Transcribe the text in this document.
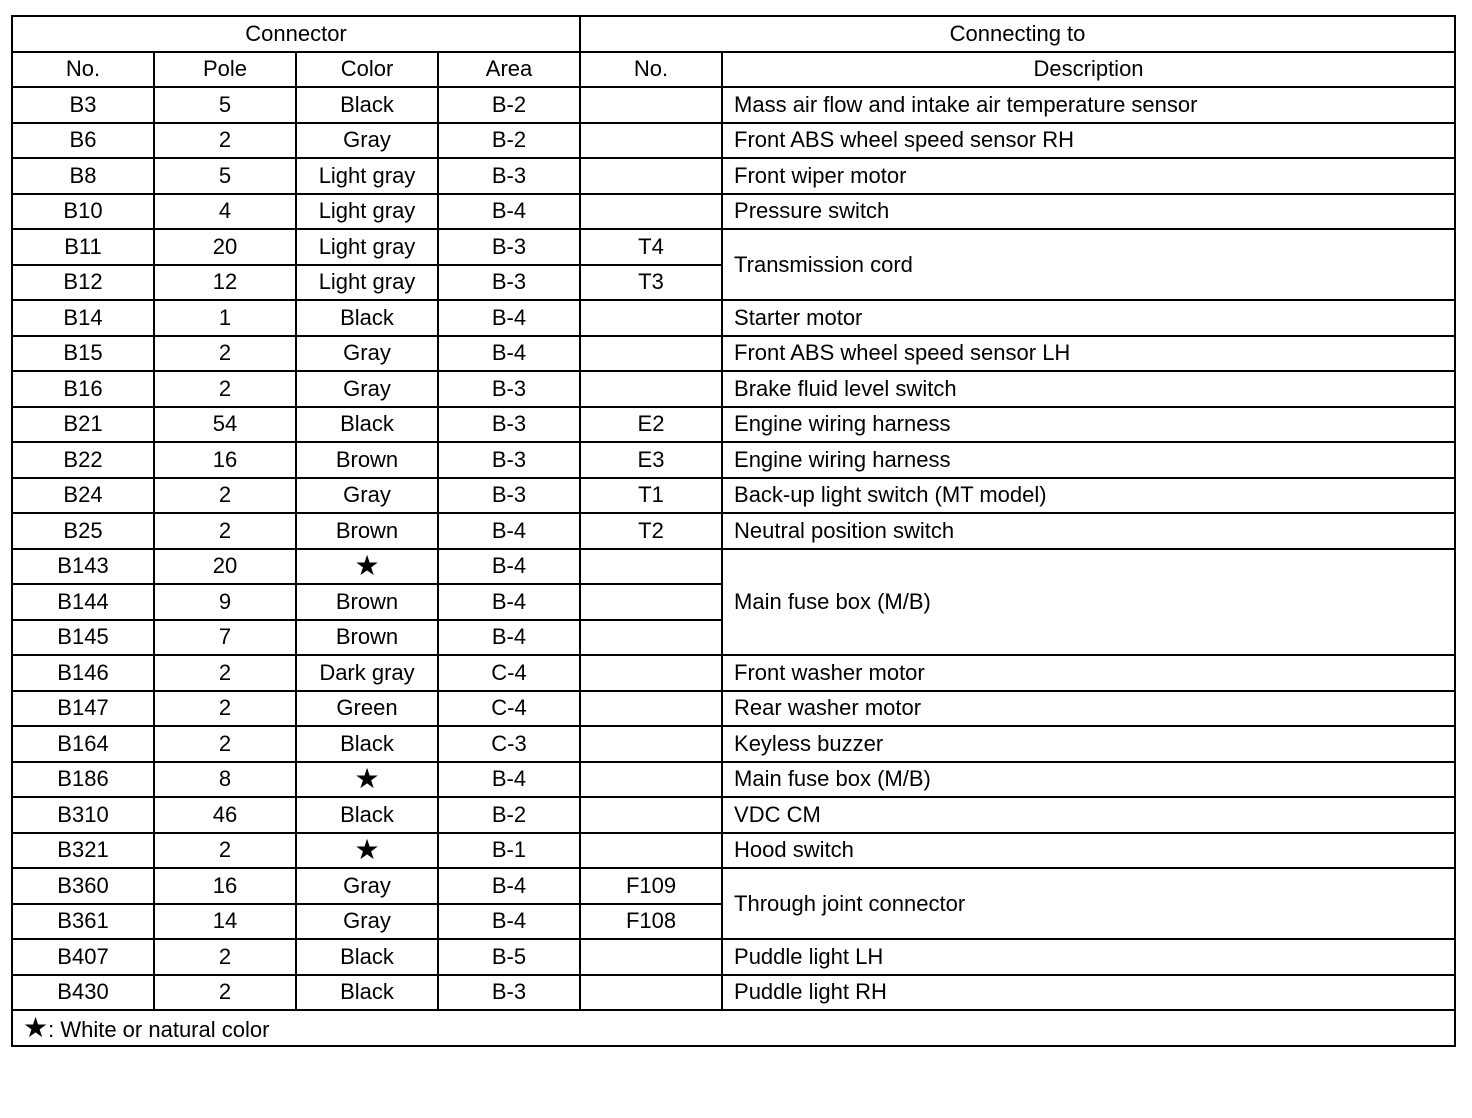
Connector				Connecting to	
No.	Pole	Color	Area	No.	Description
B3	5	Black	B-2		Mass air flow and intake air temperature sensor
B6	2	Gray	B-2		Front ABS wheel speed sensor RH
B8	5	Light gray	B-3		Front wiper motor
B10	4	Light gray	B-4		Pressure switch
B11	20	Light gray	B-3	T4	Transmission cord
B12	12	Light gray	B-3	T3	
B14	1	Black	B-4		Starter motor
B15	2	Gray	B-4		Front ABS wheel speed sensor LH
B16	2	Gray	B-3		Brake fluid level switch
B21	54	Black	B-3	E2	Engine wiring harness
B22	16	Brown	B-3	E3	Engine wiring harness
B24	2	Gray	B-3	T1	Back-up light switch (MT model)
B25	2	Brown	B-4	T2	Neutral position switch
B143	20	★	B-4		Main fuse box (M/B)
B144	9	Brown	B-4		
B145	7	Brown	B-4		
B146	2	Dark gray	C-4		Front washer motor
B147	2	Green	C-4		Rear washer motor
B164	2	Black	C-3		Keyless buzzer
B186	8	★	B-4		Main fuse box (M/B)
B310	46	Black	B-2		VDC CM
B321	2	★	B-1		Hood switch
B360	16	Gray	B-4	F109	Through joint connector
B361	14	Gray	B-4	F108	
B407	2	Black	B-5		Puddle light LH
B430	2	Black	B-3		Puddle light RH
★: White or natural color					
